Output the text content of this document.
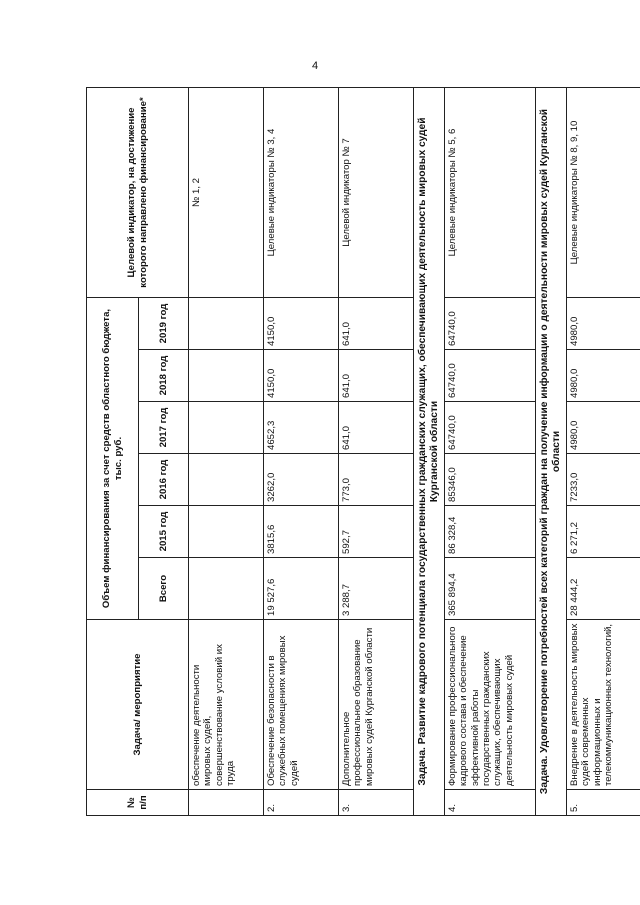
4
№ п/п	Задача/ мероприятие	Объем финансирования за счет средств областного бюджета, тыс. руб.						Целевой индикатор, на достижение которого направлено финансирование*
		Всего	2015 год	2016 год	2017 год	2018 год	2019 год	
	обеспечение деятельности мировых судей, совершенствование условий их труда							№ 1, 2
2.	Обеспечение безопасности в служебных помещениях мировых судей	19 527,6	3815,6	3262,0	4652,3	4150,0	4150,0	Целевые индикаторы № 3, 4
3.	Дополнительное профессиональное образование мировых судей Курганской области	3 288,7	592,7	773,0	641,0	641,0	641,0	Целевой индикатор № 7
Задача. Развитие кадрового потенциала государственных гражданских служащих, обеспечивающих деятельность мировых судей Курганской области								
4.	Формирование профессионального кадрового состава и обеспечение эффективной работы государственных гражданских служащих, обеспечивающих деятельность мировых судей	365 894,4	86 328,4	85346,0	64740,0	64740,0	64740,0	Целевые индикаторы № 5, 6
Задача. Удовлетворение потребностей всех категорий граждан на получение информации о деятельности мировых судей Курганской области								
5.	Внедрение в деятельность мировых судей современных информационных и телекоммуникационных технологий,	28 444,2	6 271,2	7233,0	4980,0	4980,0	4980,0	Целевые индикаторы № 8, 9, 10
